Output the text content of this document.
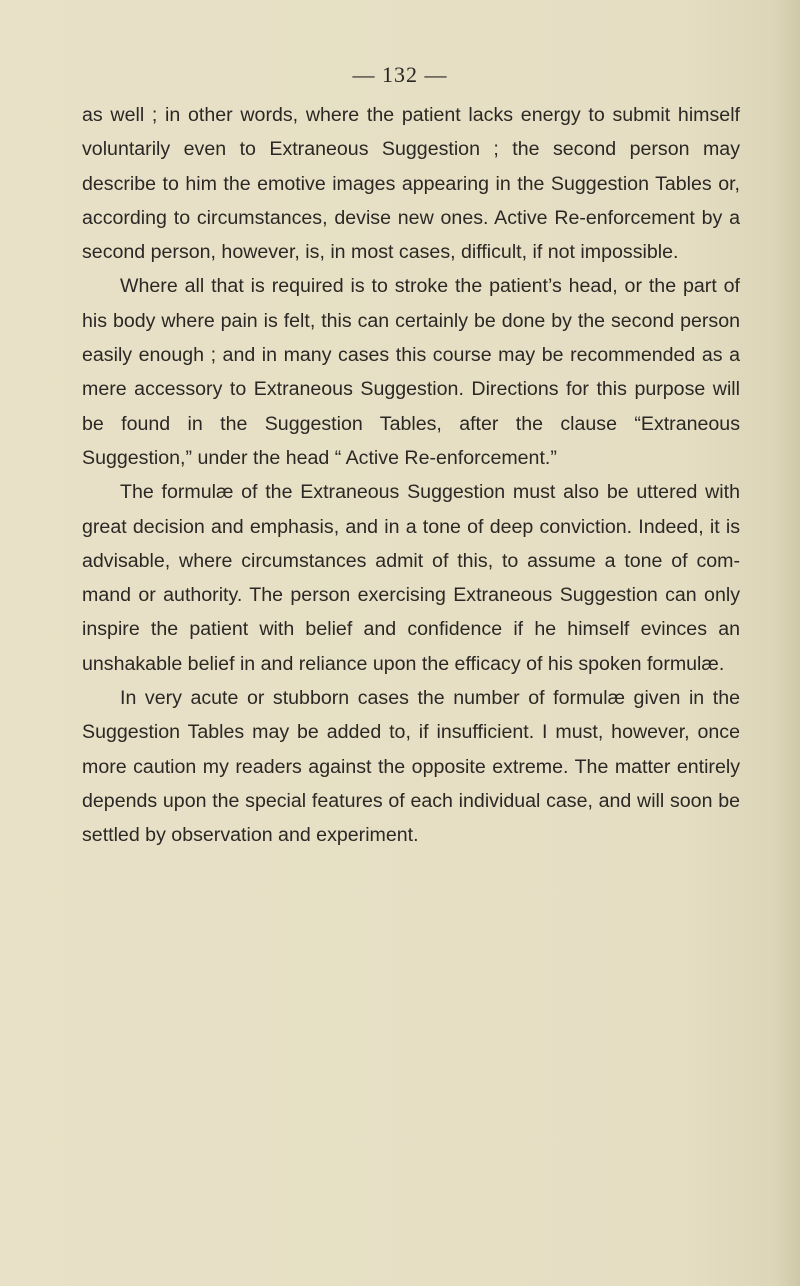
— 132 —

as well ; in other words, where the patient lacks energy to submit himself voluntarily even to Extraneous Suggestion ; the second person may describe to him the emotive images appearing in the Suggestion Tables or, according to circumstances, devise new ones. Active Re-enforcement by a second person, however, is, in most cases, difficult, if not impossible.

Where all that is required is to stroke the patient’s head, or the part of his body where pain is felt, this can certainly be done by the second person easily enough ; and in many cases this course may be recommended as a mere accessory to Extraneous Suggestion. Directions for this purpose will be found in the Suggestion Tables, after the clause “Extraneous Suggestion,” under the head “ Active Re-enforcement.”

The formulæ of the Extraneous Suggestion must also be uttered with great decision and emphasis, and in a tone of deep conviction. Indeed, it is advisable, where circumstances admit of this, to assume a tone of command or authority. The person exercising Extraneous Suggestion can only inspire the patient with belief and confidence if he himself evinces an unshakable belief in and reliance upon the efficacy of his spoken formulæ.

In very acute or stubborn cases the number of formulæ given in the Suggestion Tables may be added to, if insufficient. I must, however, once more caution my readers against the opposite extreme. The matter entirely depends upon the special features of each individual case, and will soon be settled by observation and experiment.
